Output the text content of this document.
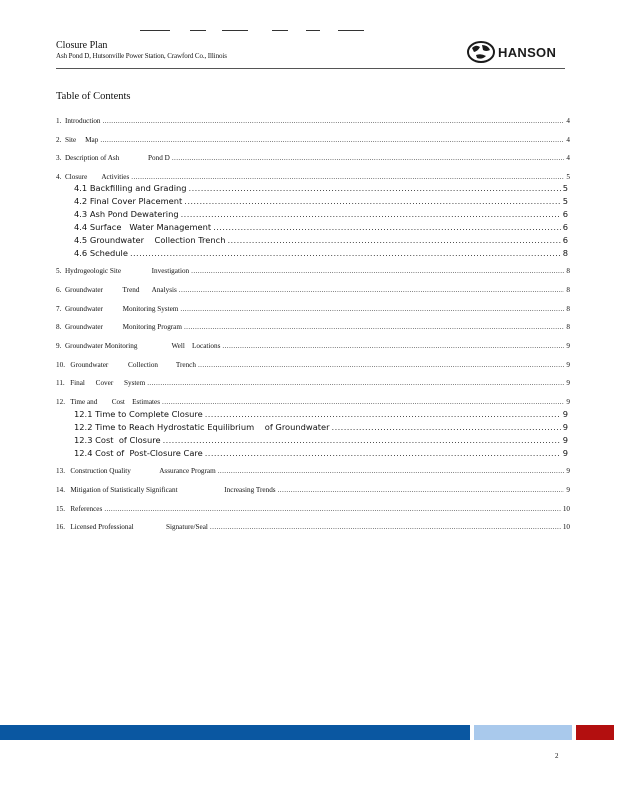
Closure Plan
Ash Pond D, Hutsonville Power Station, Crawford Co., Illinois	HANSON
Table of Contents
1.  Introduction .....	4
2.  Site     Map .....	4
3.  Description of Ash                Pond D .....	4
4.  Closure        Activities .....	5
4.1 Backfilling and Grading .....	5
4.2 Final Cover Placement .....	5
4.3 Ash Pond Dewatering .....	6
4.4 Surface   Water Management .....	6
4.5 Groundwater    Collection Trench .....	6
4.6 Schedule .....	8
5.  Hydrogeologic Site                 Investigation .....	8
6.  Groundwater           Trend       Analysis .....	8
7.  Groundwater           Monitoring System .....	8
8.  Groundwater           Monitoring Program .....	8
9.  Groundwater Monitoring                   Well    Locations .....	9
10.   Groundwater           Collection          Trench .....	9
11.   Final      Cover      System .....	9
12.   Time and        Cost    Estimates .....	9
12.1 Time to Complete Closure .....	9
12.2 Time to Reach Hydrostatic Equilibrium    of Groundwater .....	9
12.3 Cost  of Closure .....	9
12.4 Cost of  Post-Closure Care .....	9
13.   Construction Quality                Assurance Program .....	9
14.   Mitigation of Statistically Significant                          Increasing Trends .....	9
15.   References .....	10
16.   Licensed Professional                  Signature/Seal .....	10
2
